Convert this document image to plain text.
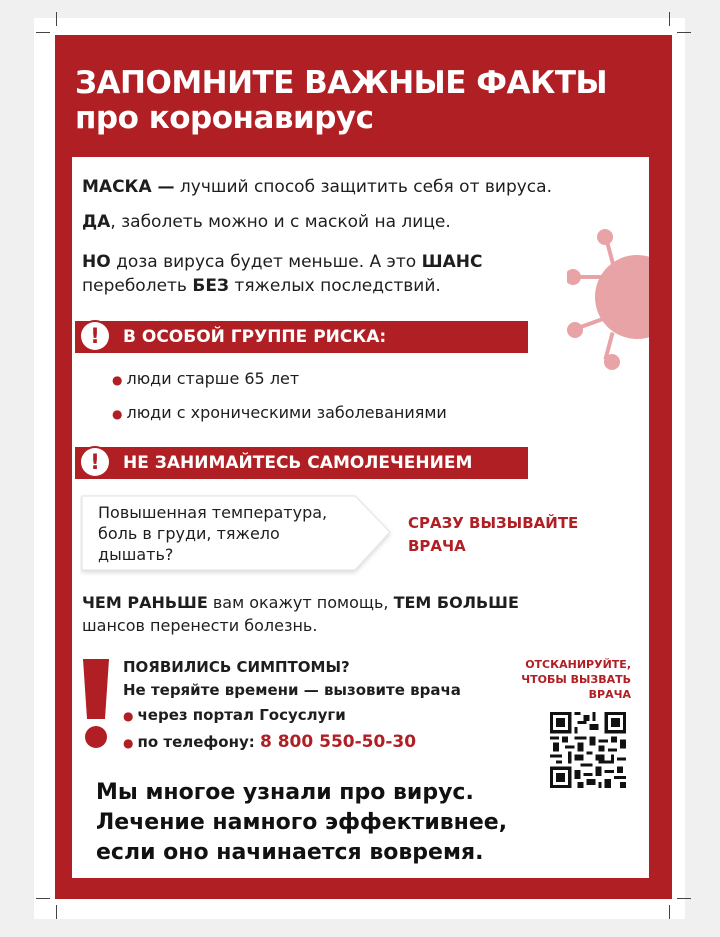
ЗАПОМНИТЕ ВАЖНЫЕ ФАКТЫ
про коронавирус

МАСКА — лучший способ защитить себя от вируса.

ДА, заболеть можно и с маской на лице.

НО доза вируса будет меньше. А это ШАНС
переболеть БЕЗ тяжелых последствий.

!	В ОСОБОЙ ГРУППЕ РИСКА:
● люди старше 65 лет
● люди с хроническими заболеваниями
!	НЕ ЗАНИМАЙТЕСЬ САМОЛЕЧЕНИЕМ
Повышенная температура,
боль в груди, тяжело
дышать?
СРАЗУ ВЫЗЫВАЙТЕ
ВРАЧА

ЧЕМ РАНЬШЕ вам окажут помощь, ТЕМ БОЛЬШЕ
шансов перенести болезнь.

ПОЯВИЛИСЬ СИМПТОМЫ?
Не теряйте времени — вызовите врача
● через портал Госуслуги
● по телефону: 8 800 550-50-30
ОТСКАНИРУЙТЕ,
ЧТОБЫ ВЫЗВАТЬ
ВРАЧА

Мы многое узнали про вирус.
Лечение намного эффективнее,
если оно начинается вовремя.
